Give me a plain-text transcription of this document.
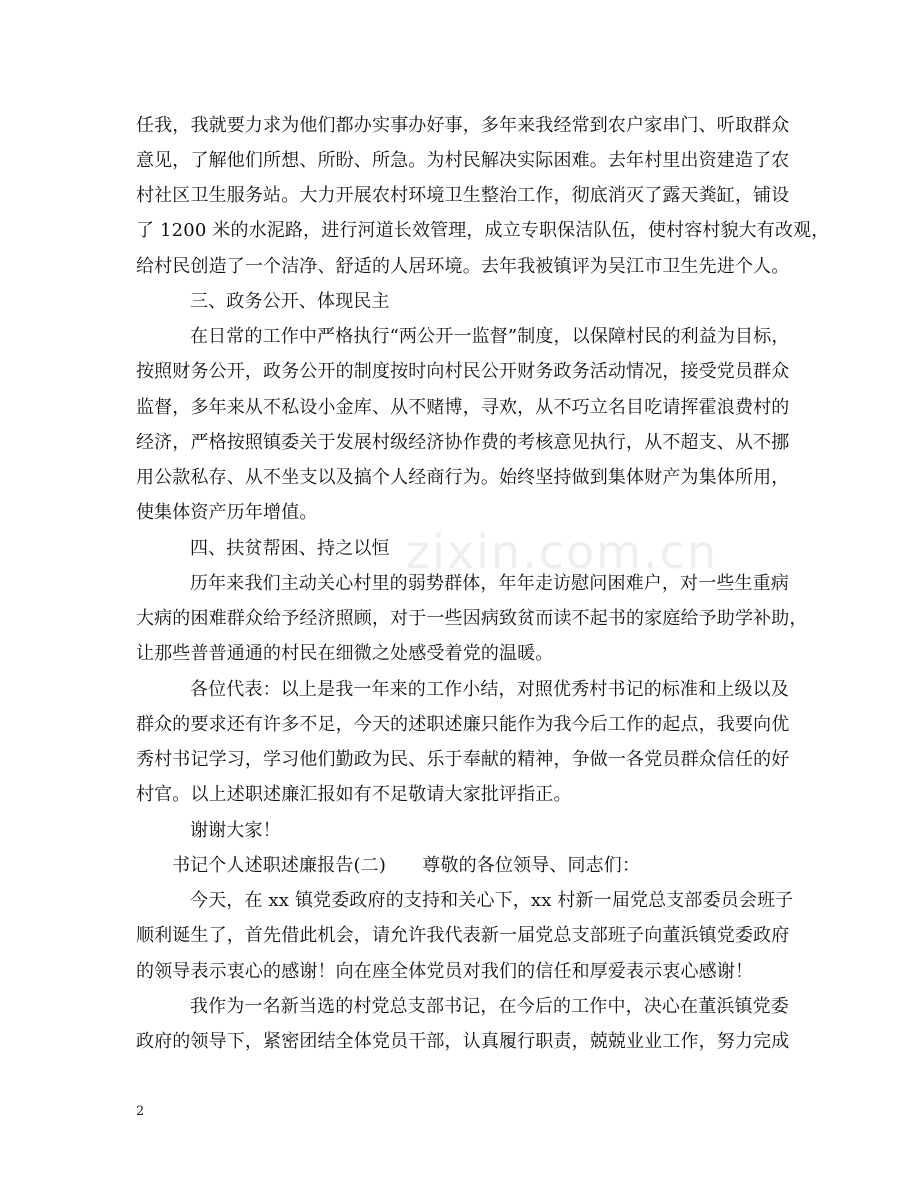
zixin.com.cn
任我，我就要力求为他们都办实事办好事，多年来我经常到农户家串门、听取群众
意见，了解他们所想、所盼、所急。为村民解决实际困难。去年村里出资建造了农
村社区卫生服务站。大力开展农村环境卫生整治工作，彻底消灭了露天粪缸，铺设
了 1200 米的水泥路，进行河道长效管理，成立专职保洁队伍，使村容村貌大有改观，
给村民创造了一个洁净、舒适的人居环境。去年我被镇评为吴江市卫生先进个人。
三、政务公开、体现民主
在日常的工作中严格执行“两公开一监督”制度，以保障村民的利益为目标，
按照财务公开，政务公开的制度按时向村民公开财务政务活动情况，接受党员群众
监督，多年来从不私设小金库、从不赌博，寻欢，从不巧立名目吃请挥霍浪费村的
经济，严格按照镇委关于发展村级经济协作费的考核意见执行，从不超支、从不挪
用公款私存、从不坐支以及搞个人经商行为。始终坚持做到集体财产为集体所用，
使集体资产历年增值。
四、扶贫帮困、持之以恒
历年来我们主动关心村里的弱势群体，年年走访慰问困难户，对一些生重病
大病的困难群众给予经济照顾，对于一些因病致贫而读不起书的家庭给予助学补助，
让那些普普通通的村民在细微之处感受着党的温暖。
各位代表：以上是我一年来的工作小结，对照优秀村书记的标准和上级以及
群众的要求还有许多不足，今天的述职述廉只能作为我今后工作的起点，我要向优
秀村书记学习，学习他们勤政为民、乐于奉献的精神，争做一各党员群众信任的好
村官。以上述职述廉汇报如有不足敬请大家批评指正。
谢谢大家！
书记个人述职述廉报告(二)　　尊敬的各位领导、同志们：
今天，在 xx 镇党委政府的支持和关心下，xx 村新一届党总支部委员会班子
顺利诞生了，首先借此机会，请允许我代表新一届党总支部班子向董浜镇党委政府
的领导表示衷心的感谢！向在座全体党员对我们的信任和厚爱表示衷心感谢！
我作为一名新当选的村党总支部书记，在今后的工作中，决心在董浜镇党委
政府的领导下，紧密团结全体党员干部，认真履行职责，兢兢业业工作，努力完成
2
